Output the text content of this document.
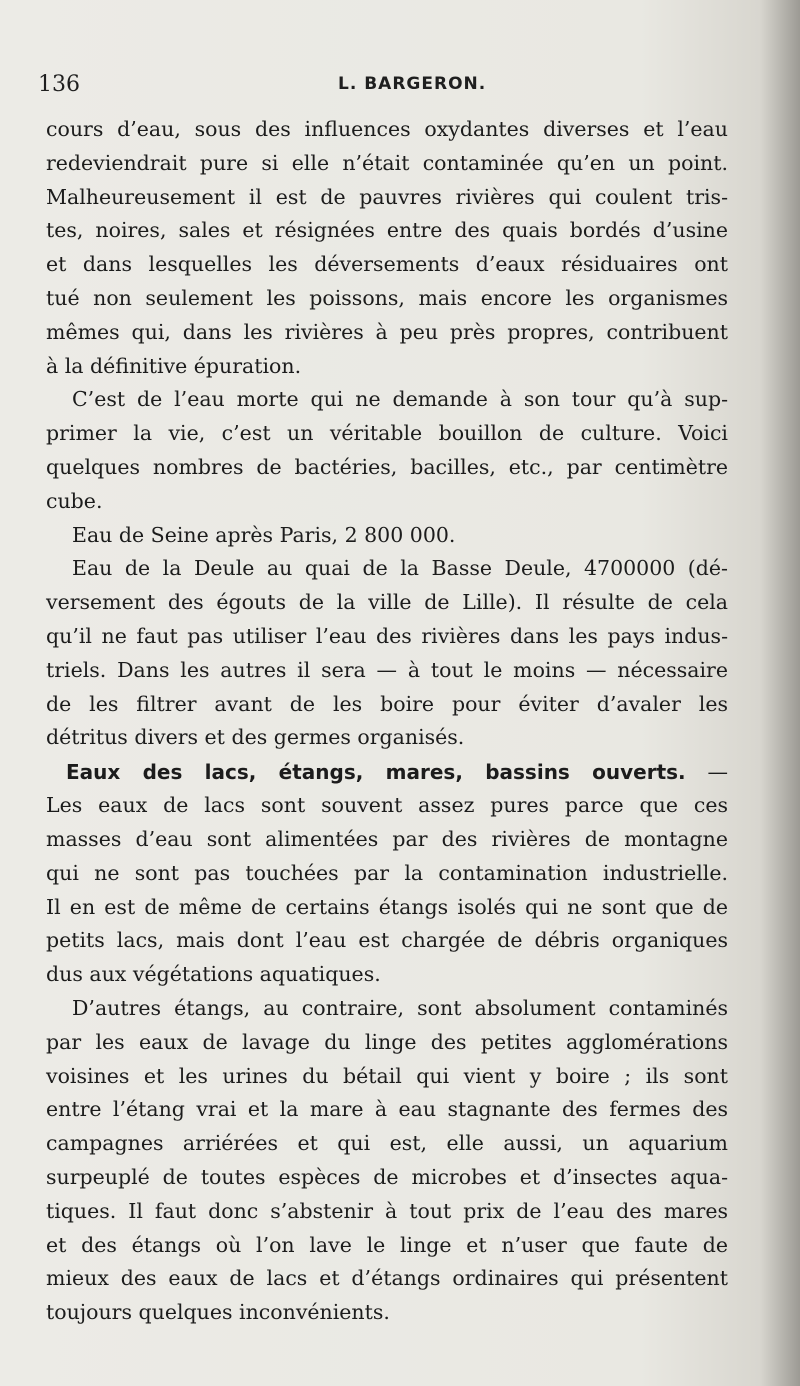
136	L. BARGERON.
cours d’eau, sous des influences oxydantes diverses et l’eau
redeviendrait pure si elle n’était contaminée qu’en un point.
Malheureusement il est de pauvres rivières qui coulent tris-
tes, noires, sales et résignées entre des quais bordés d’usine
et dans lesquelles les déversements d’eaux résiduaires ont
tué non seulement les poissons, mais encore les organismes
mêmes qui, dans les rivières à peu près propres, contribuent
à la définitive épuration.
C’est de l’eau morte qui ne demande à son tour qu’à sup-
primer la vie, c’est un véritable bouillon de culture. Voici
quelques nombres de bactéries, bacilles, etc., par centimètre
cube.
Eau de Seine après Paris, 2 800 000.
Eau de la Deule au quai de la Basse Deule, 4700000 (dé-
versement des égouts de la ville de Lille). Il résulte de cela
qu’il ne faut pas utiliser l’eau des rivières dans les pays indus-
triels. Dans les autres il sera — à tout le moins — nécessaire
de les filtrer avant de les boire pour éviter d’avaler les
détritus divers et des germes organisés.
Eaux des lacs, étangs, mares, bassins ouverts. —
Les eaux de lacs sont souvent assez pures parce que ces
masses d’eau sont alimentées par des rivières de montagne
qui ne sont pas touchées par la contamination industrielle.
Il en est de même de certains étangs isolés qui ne sont que de
petits lacs, mais dont l’eau est chargée de débris organiques
dus aux végétations aquatiques.
D’autres étangs, au contraire, sont absolument contaminés
par les eaux de lavage du linge des petites agglomérations
voisines et les urines du bétail qui vient y boire ; ils sont
entre l’étang vrai et la mare à eau stagnante des fermes des
campagnes arriérées et qui est, elle aussi, un aquarium
surpeuplé de toutes espèces de microbes et d’insectes aqua-
tiques. Il faut donc s’abstenir à tout prix de l’eau des mares
et des étangs où l’on lave le linge et n’user que faute de
mieux des eaux de lacs et d’étangs ordinaires qui présentent
toujours quelques inconvénients.
